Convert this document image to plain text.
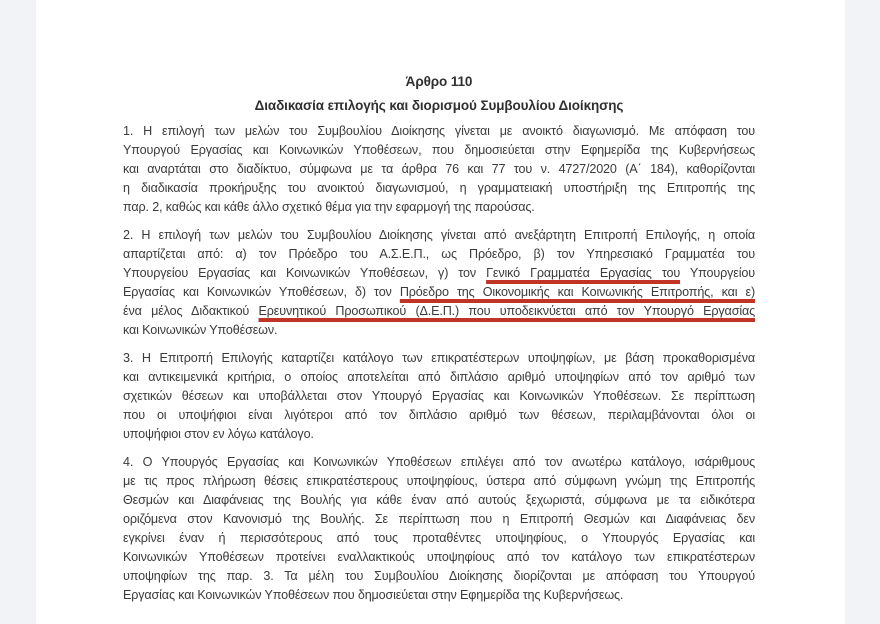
Άρθρο 110
Διαδικασία επιλογής και διορισμού Συμβουλίου Διοίκησης
1. Η επιλογή των μελών του Συμβουλίου Διοίκησης γίνεται με ανοικτό διαγωνισμό. Με απόφαση του
Υπουργού Εργασίας και Κοινωνικών Υποθέσεων, που δημοσιεύεται στην Εφημερίδα της Κυβερνήσεως
και αναρτάται στο διαδίκτυο, σύμφωνα με τα άρθρα 76 και 77 του ν. 4727/2020 (Α΄ 184), καθορίζονται
η διαδικασία προκήρυξης του ανοικτού διαγωνισμού, η γραμματειακή υποστήριξη της Επιτροπής της
παρ. 2, καθώς και κάθε άλλο σχετικό θέμα για την εφαρμογή της παρούσας.
2. Η επιλογή των μελών του Συμβουλίου Διοίκησης γίνεται από ανεξάρτητη Επιτροπή Επιλογής, η οποία
απαρτίζεται από: α) τον Πρόεδρο του Α.Σ.Ε.Π., ως Πρόεδρο, β) τον Υπηρεσιακό Γραμματέα του
Υπουργείου Εργασίας και Κοινωνικών Υποθέσεων, γ) τον Γενικό Γραμματέα Εργασίας του Υπουργείου
Εργασίας και Κοινωνικών Υποθέσεων, δ) τον Πρόεδρο της Οικονομικής και Κοινωνικής Επιτροπής, και ε)
ένα μέλος Διδακτικού Ερευνητικού Προσωπικού (Δ.Ε.Π.) που υποδεικνύεται από τον Υπουργό Εργασίας
και Κοινωνικών Υποθέσεων.
3. Η Επιτροπή Επιλογής καταρτίζει κατάλογο των επικρατέστερων υποψηφίων, με βάση προκαθορισμένα
και αντικειμενικά κριτήρια, ο οποίος αποτελείται από διπλάσιο αριθμό υποψηφίων από τον αριθμό των
σχετικών θέσεων και υποβάλλεται στον Υπουργό Εργασίας και Κοινωνικών Υποθέσεων. Σε περίπτωση
που οι υποψήφιοι είναι λιγότεροι από τον διπλάσιο αριθμό των θέσεων, περιλαμβάνονται όλοι οι
υποψήφιοι στον εν λόγω κατάλογο.
4. Ο Υπουργός Εργασίας και Κοινωνικών Υποθέσεων επιλέγει από τον ανωτέρω κατάλογο, ισάριθμους
με τις προς πλήρωση θέσεις επικρατέστερους υποψηφίους, ύστερα από σύμφωνη γνώμη της Επιτροπής
Θεσμών και Διαφάνειας της Βουλής για κάθε έναν από αυτούς ξεχωριστά, σύμφωνα με τα ειδικότερα
οριζόμενα στον Κανονισμό της Βουλής. Σε περίπτωση που η Επιτροπή Θεσμών και Διαφάνειας δεν
εγκρίνει έναν ή περισσότερους από τους προταθέντες υποψηφίους, ο Υπουργός Εργασίας και
Κοινωνικών Υποθέσεων προτείνει εναλλακτικούς υποψηφίους από τον κατάλογο των επικρατέστερων
υποψηφίων της παρ. 3. Τα μέλη του Συμβουλίου Διοίκησης διορίζονται με απόφαση του Υπουργού
Εργασίας και Κοινωνικών Υποθέσεων που δημοσιεύεται στην Εφημερίδα της Κυβερνήσεως.
